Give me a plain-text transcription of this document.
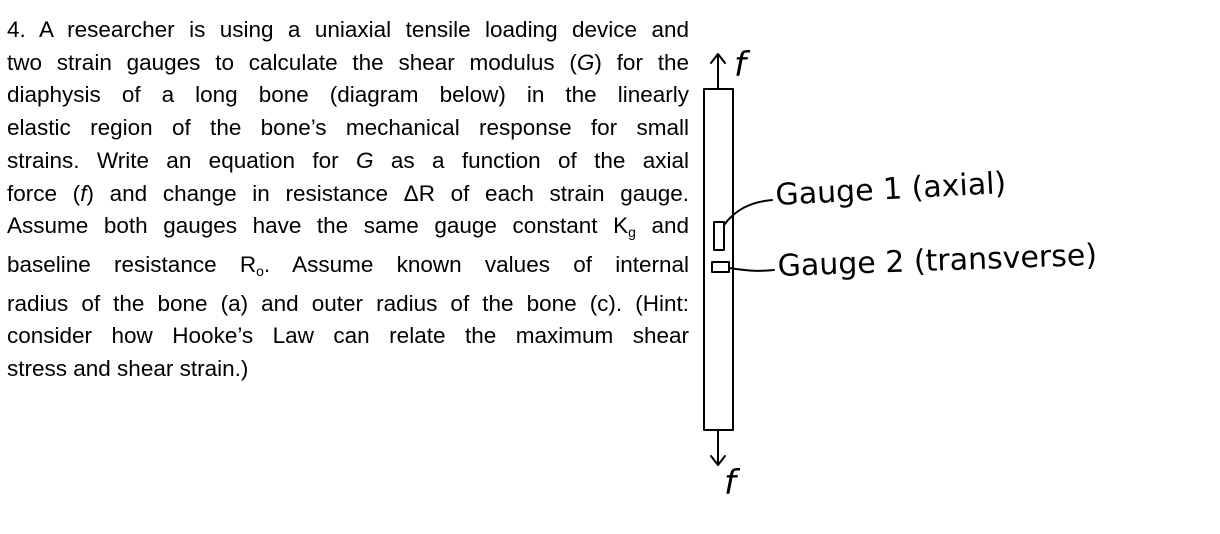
4. A researcher is using a uniaxial tensile loading device and
two strain gauges to calculate the shear modulus (G) for the
diaphysis of a long bone (diagram below) in the linearly
elastic region of the bone’s mechanical response for small
strains. Write an equation for G as a function of the axial
force (f) and change in resistance ΔR of each strain gauge.
Assume both gauges have the same gauge constant $K_g$ and
baseline resistance $R_o$. Assume known values of internal
radius of the bone (a) and outer radius of the bone (c). (Hint:
consider how Hooke’s Law can relate the maximum shear
stress and shear strain.)
f
f
Gauge 1 (axial)
Gauge 2 (transverse)
